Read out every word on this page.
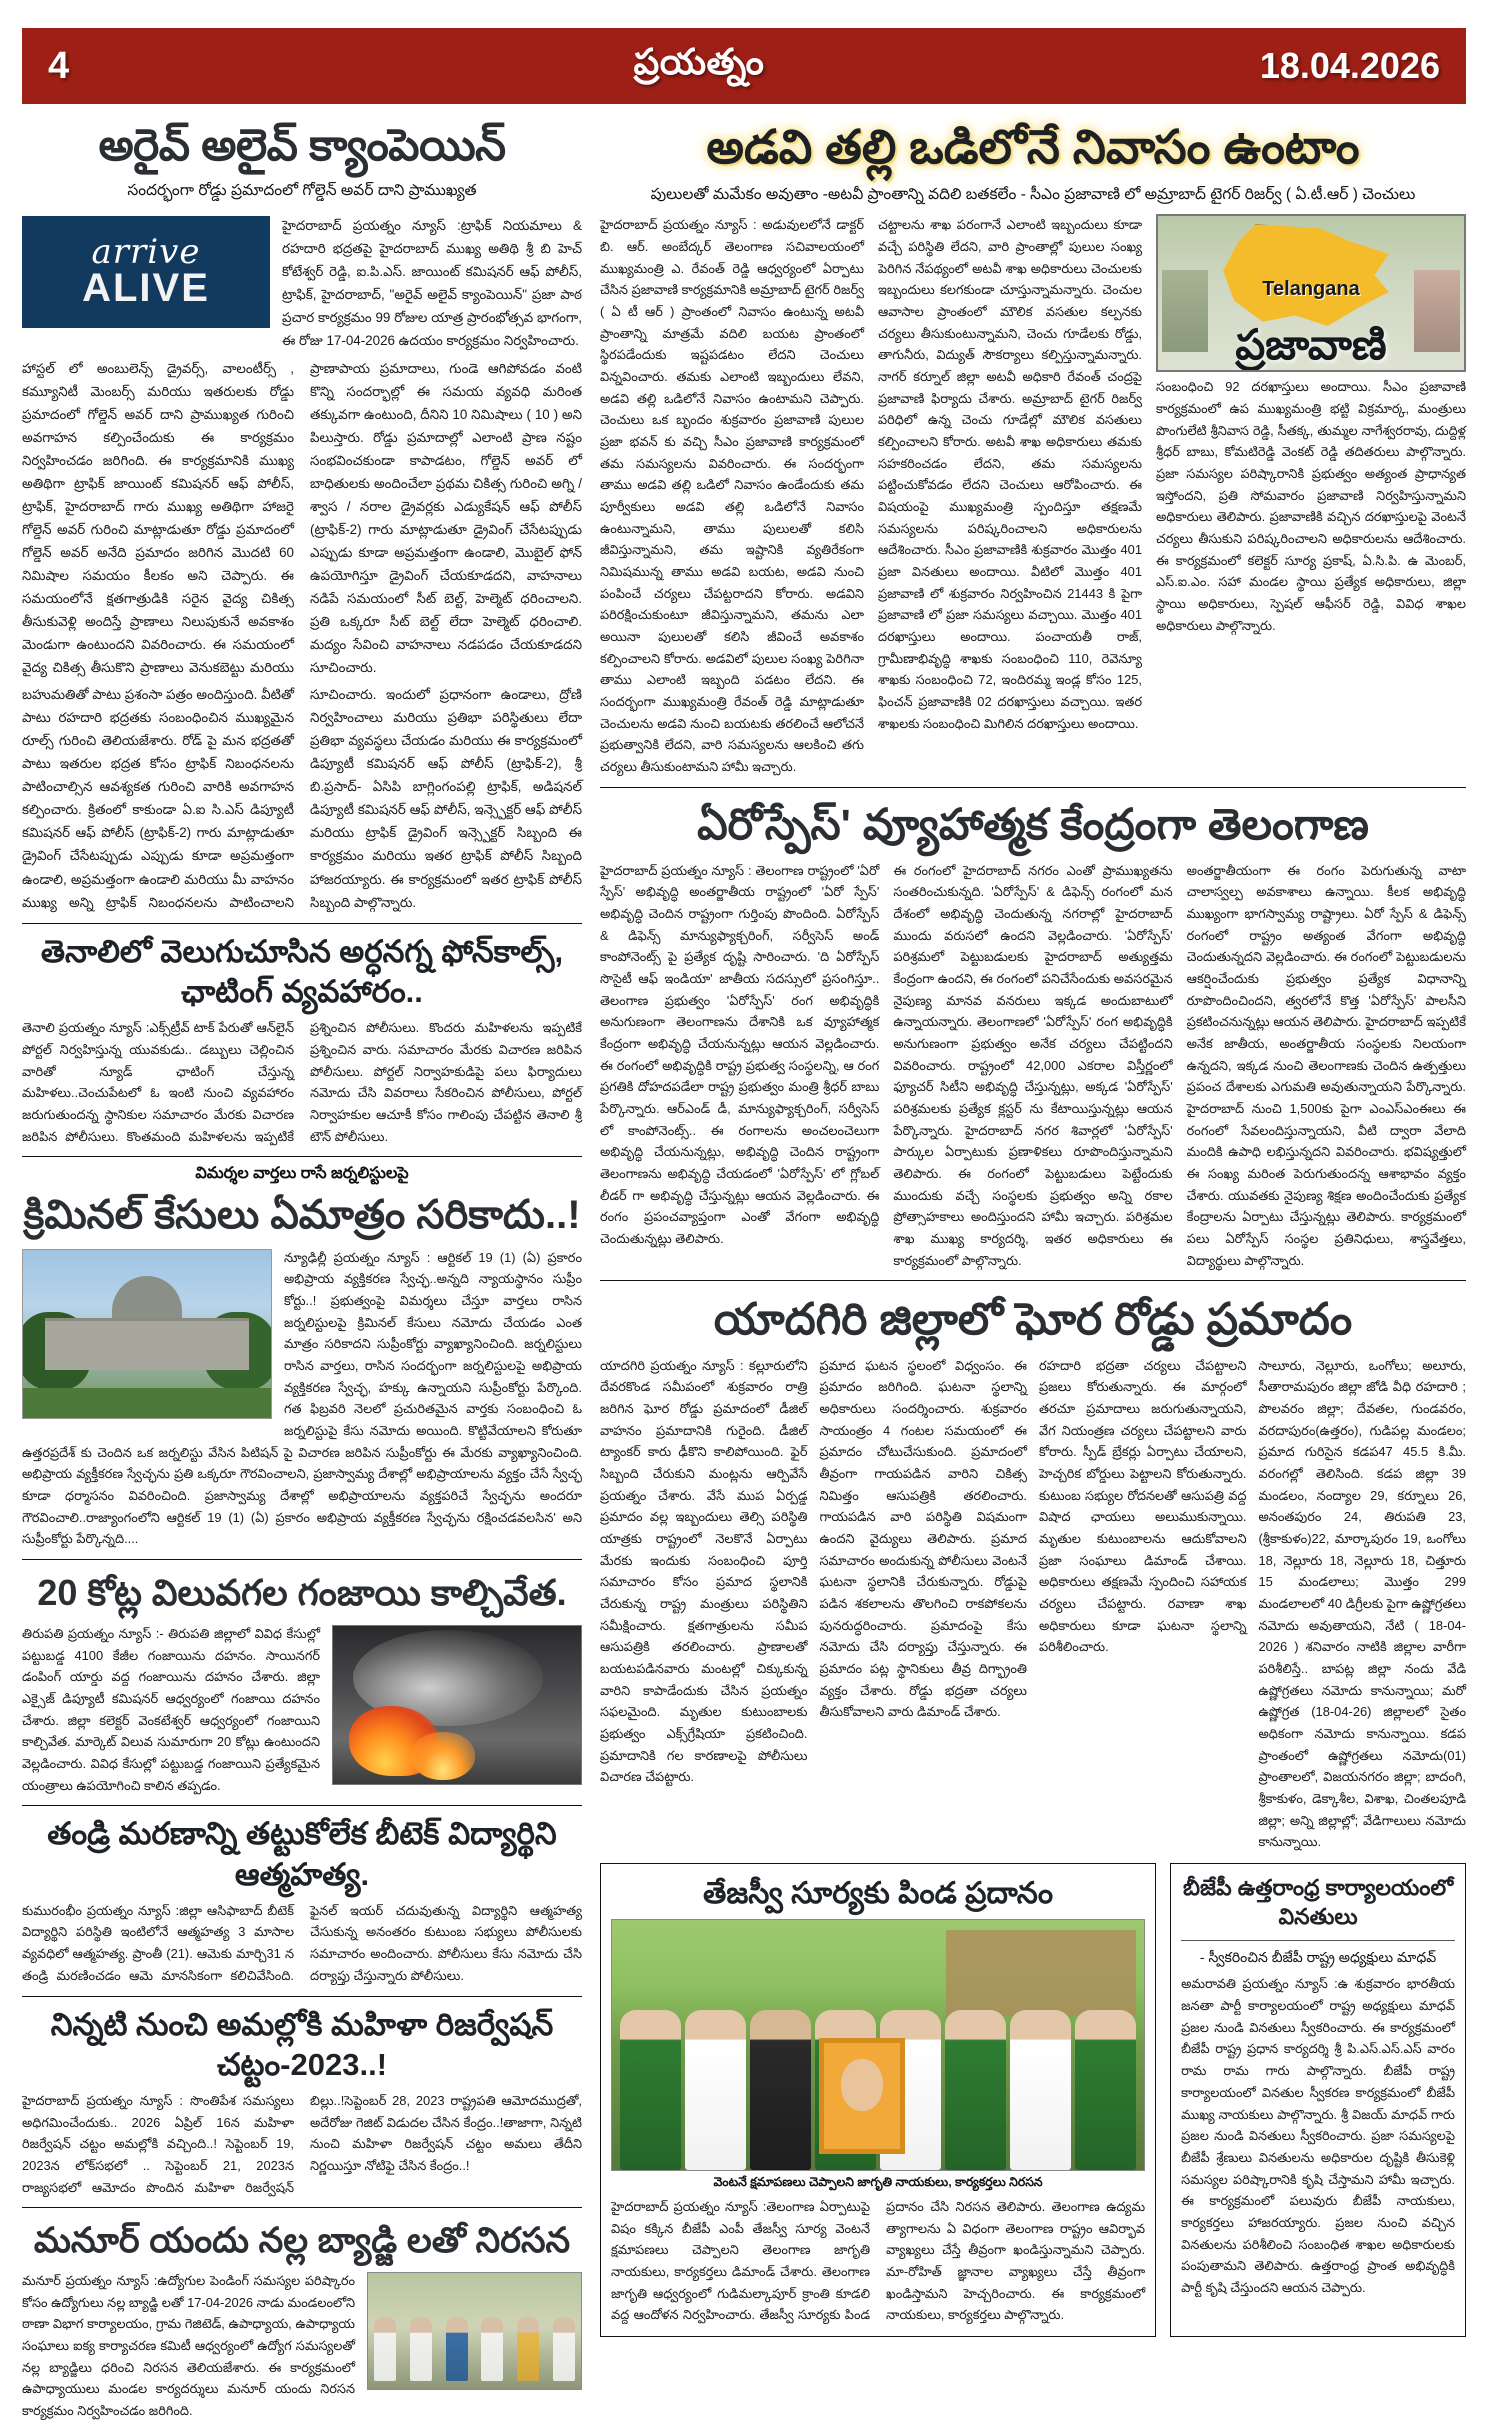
4	ప్రయత్నం	18.04.2026
అరైవ్ అలైవ్ క్యాంపెయిన్
సందర్భంగా రోడ్డు ప్రమాదంలో గోల్డెన్ అవర్ దాని ప్రాముఖ్యత
అడవి తల్లి ఒడిలోనే నివాసం ఉంటాం
పులులతో మమేకం అవుతాం -అటవీ ప్రాంతాన్ని వదిలి బతకలేం - సీఎం ప్రజావాణి లో అమ్రాబాద్ టైగర్ రిజర్వ్ ( ఏ.టీ.ఆర్ ) చెంచులు
arrive
ALIVE
హైదరాబాద్ ప్రయత్నం న్యూస్ :ట్రాఫిక్ నియమాలు & రహదారి భద్రతపై హైదరాబాద్ ముఖ్య అతిథి శ్రీ బి హెచ్ కోటేశ్వర్ రెడ్డి, ఐ.పి.ఎస్. జాయింట్ కమిషనర్ ఆఫ్ పోలీస్, ట్రాఫిక్, హైదరాబాద్, "అరైవ్ అలైవ్ క్యాంపెయిన్" ప్రజా పాఠ ప్రచార కార్యక్రమం 99 రోజుల యాత్ర ప్రారంభోత్సవ భాగంగా, ఈ రోజు 17-04-2026 ఉదయం కార్యక్రమం నిర్వహించారు.
హాస్టల్ లో అంబులెన్స్ డ్రైవర్స్, వాలంటీర్స్ , కమ్యూనిటీ మెంబర్స్ మరియు ఇతరులకు రోడ్డు ప్రమాదంలో గోల్డెన్ అవర్ దాని ప్రాముఖ్యత గురించి అవగాహన కల్పించేందుకు ఈ కార్యక్రమం నిర్వహించడం జరిగింది. ఈ కార్యక్రమానికి ముఖ్య అతిథిగా ట్రాఫిక్ జాయింట్ కమిషనర్ ఆఫ్ పోలీస్, ట్రాఫిక్, హైదరాబాద్ గారు ముఖ్య అతిథిగా హాజరై గోల్డెన్ అవర్ గురించి మాట్లాడుతూ రోడ్డు ప్రమాదంలో గోల్డెన్ అవర్ అనేది ప్రమాదం జరిగిన మొదటి 60 నిమిషాల సమయం కీలకం అని చెప్పారు. ఈ సమయంలోనే క్షతగాత్రుడికి సరైన వైద్య చికిత్స తీసుకువెళ్లి అందిస్తే ప్రాణాలు నిలుపుకునే అవకాశం మెండుగా ఉంటుందని వివరించారు. ఈ సమయంలో వైద్య చికిత్స తీసుకొని ప్రాణాలు వెనుకబెట్టు మరియు ప్రాణాపాయ ప్రమాదాలు, గుండె ఆగిపోవడం వంటి కొన్ని సందర్భాల్లో ఈ సమయ వ్యవధి మరింత తక్కువగా ఉంటుంది, దీనిని 10 నిమిషాలు ( 10 ) అని పిలుస్తారు. రోడ్డు ప్రమాదాల్లో ఎలాంటి ప్రాణ నష్టం సంభవించకుండా కాపాడటం, గోల్డెన్ అవర్ లో బాధితులకు అందించేలా ప్రథమ చికిత్స గురించి అగ్ని / శ్వాస / నరాల డ్రైవర్లకు ఎడ్యుకేషన్ ఆఫ్ పోలీస్ (ట్రాఫిక్-2) గారు మాట్లాడుతూ డ్రైవింగ్ చేసేటప్పుడు ఎప్పుడు కూడా అప్రమత్తంగా ఉండాలి, మొబైల్ ఫోన్ ఉపయోగిస్తూ డ్రైవింగ్ చేయకూడదని, వాహనాలు నడిపే సమయంలో సీట్ బెల్ట్, హెల్మెట్ ధరించాలని. ప్రతి ఒక్కరూ సీట్ బెల్ట్ లేదా హెల్మెట్ ధరించాలి. మద్యం సేవించి వాహనాలు నడపడం చేయకూడదని సూచించారు.
బహుమతితో పాటు ప్రశంసా పత్రం అందిస్తుంది. వీటితో పాటు రహదారి భద్రతకు సంబంధించిన ముఖ్యమైన రూల్స్ గురించి తెలియజేశారు. రోడ్ పై మన భద్రతతో పాటు ఇతరుల భద్రత కోసం ట్రాఫిక్ నిబంధనలను పాటించాల్సిన ఆవశ్యకత గురించి వారికి అవగాహన కల్పించారు. క్రితంలో కాకుండా ఏ.ఐ సి.ఎస్ డిప్యూటీ కమిషనర్ ఆఫ్ పోలీస్ (ట్రాఫిక్-2) గారు మాట్లాడుతూ డ్రైవింగ్ చేసేటప్పుడు ఎప్పుడు కూడా అప్రమత్తంగా ఉండాలి, అప్రమత్తంగా ఉండాలి మరియు మీ వాహనం ముఖ్య అన్ని ట్రాఫిక్ నిబంధనలను పాటించాలని సూచించారు. ఇందులో ప్రధానంగా ఉండాలు, ద్రోణి నిర్వహించాలు మరియు ప్రతిభా పరిస్థితులు లేదా ప్రతిభా వ్యవస్థలు చేయడం మరియు ఈ కార్యక్రమంలో డిప్యూటీ కమిషనర్ ఆఫ్ పోలీస్ (ట్రాఫిక్-2), శ్రీ బి.ప్రసాద్- ఏసిపి బాగ్లింగంపల్లి ట్రాఫిక్, అడిషనల్ డిప్యూటీ కమిషనర్ ఆఫ్ పోలీస్, ఇన్స్పెక్టర్ ఆఫ్ పోలీస్ మరియు ట్రాఫిక్ డ్రైవింగ్ ఇన్స్పెక్టర్ సిబ్బంది ఈ కార్యక్రమం మరియు ఇతర ట్రాఫిక్ పోలీస్ సిబ్బంది హాజరయ్యారు. ఈ కార్యక్రమంలో ఇతర ట్రాఫిక్ పోలీస్ సిబ్బంది పాల్గొన్నారు.
తెనాలిలో వెలుగుచూసిన అర్ధనగ్న ఫోన్‌కాల్స్, ఛాటింగ్ వ్యవహారం..
తెనాలి ప్రయత్నం న్యూస్ :ఎక్స్‌ట్రీవ్ టాక్ పేరుతో ఆన్‌లైన్ పోర్టల్ నిర్వహిస్తున్న యువకుడు.. డబ్బులు చెల్లించిన వారితో న్యూడ్ ఛాటింగ్ చేస్తున్న మహిళలు..చెంచుపేటలో ఓ ఇంటి నుంచి వ్యవహారం జరుగుతుందన్న స్థానికుల సమాచారం మేరకు విచారణ జరిపిన పోలీసులు. కొంతమంది మహిళలను ఇప్పటికే ప్రశ్నించిన పోలీసులు. కొందరు మహిళలను ఇప్పటికే ప్రశ్నించిన వారు. సమాచారం మేరకు విచారణ జరిపిన పోలీసులు. పోర్టల్ నిర్వాహకుడిపై పలు ఫిర్యాదులు నమోదు చేసి వివరాలు సేకరించిన పోలీసులు, పోర్టల్ నిర్వాహకుల ఆచూకీ కోసం గాలింపు చేపట్టిన తెనాలి శ్రీ టౌన్ పోలీసులు.
విమర్శల వార్తలు రాసే జర్నలిస్టులపై
క్రిమినల్ కేసులు ఏమాత్రం సరికాదు..!
న్యూఢిల్లీ ప్రయత్నం న్యూస్ : ఆర్టికల్ 19 (1) (ఏ) ప్రకారం అభిప్రాయ వ్యక్తికరణ స్వేచ్ఛ..అన్నది న్యాయస్థానం సుప్రీం కోర్టు..! ప్రభుత్వంపై విమర్శలు చేస్తూ వార్తలు రాసిన జర్నలిస్టులపై క్రిమినల్ కేసులు నమోదు చేయడం ఎంత మాత్రం సరికాదని సుప్రీంకోర్టు వ్యాఖ్యానించింది. జర్నలిస్టులు రాసిన వార్తలు, రాసిన సందర్భంగా జర్నలిస్టులపై అభిప్రాయ వ్యక్తికరణ స్వేచ్ఛ, హక్కు ఉన్నాయని సుప్రీంకోర్టు పేర్కొంది. గత ఫిబ్రవరి నెలలో ప్రచురితమైన వార్తకు సంబంధించి ఓ జర్నలిస్టుపై కేసు నమోదు అయింది. కొట్టివేయాలని కోరుతూ ఉత్తరప్రదేశ్ కు చెందిన ఒక జర్నలిస్టు వేసిన పిటిషన్ పై విచారణ జరిపిన సుప్రీంకోర్టు ఈ మేరకు వ్యాఖ్యానించింది. అభిప్రాయ వ్యక్తీకరణ స్వేచ్ఛను ప్రతి ఒక్కరూ గౌరవించాలని, ప్రజాస్వామ్య దేశాల్లో అభిప్రాయాలను వ్యక్తం చేసే స్వేచ్ఛ కూడా ధర్మాసనం వివరించింది. ప్రజాస్వామ్య దేశాల్లో అభిప్రాయాలను వ్యక్తపరిచే స్వేచ్ఛను అందరూ గౌరవించాలి..రాజ్యాంగంలోని ఆర్టికల్ 19 (1) (ఏ) ప్రకారం అభిప్రాయ వ్యక్తీకరణ స్వేచ్ఛను రక్షించడవలసిన' అని సుప్రీంకోర్టు పేర్కొన్నది....
20 కోట్ల విలువగల గంజాయి కాల్చివేత.
తిరుపతి ప్రయత్నం న్యూస్ :- తిరుపతి జిల్లాలో వివిధ కేసుల్లో పట్టుబడ్డ 4100 కేజీల గంజాయిను దహనం. సాయినగర్ డంపింగ్ యార్డు వద్ద గంజాయిను దహనం చేశారు. జిల్లా ఎక్సైజ్ డిప్యూటీ కమిషనర్ ఆధ్వర్యంలో గంజాయి దహనం చేశారు. జిల్లా కలెక్టర్ వెంకటేశ్వర్ ఆధ్వర్యంలో గంజాయిని కాల్చివేత. మార్కెట్ విలువ సుమారుగా 20 కోట్లు ఉంటుందని వెల్లడించారు. వివిధ కేసుల్లో పట్టుబడ్డ గంజాయిని ప్రత్యేకమైన యంత్రాలు ఉపయోగించి కాలిన తప్పడం.
తండ్రి మరణాన్ని తట్టుకోలేక బీటెక్ విద్యార్థిని ఆత్మహత్య.
కుమురంభీం ప్రయత్నం న్యూస్ :జిల్లా ఆసిఫాబాద్ బీటెక్ విద్యార్థిని పరిస్థితి ఇంటిలోనే ఆత్మహత్య 3 మాసాల వ్యవధిలో ఆత్మహత్య. ప్రాంతీ (21). ఆమెకు మార్చి31 న తండ్రి మరణించడం ఆమె మానసికంగా కలిచివేసింది. ఫైనల్ ఇయర్ చదువుతున్న విద్యార్థిని ఆత్మహత్య చేసుకున్న అనంతరం కుటుంబ సభ్యులు పోలీసులకు సమాచారం అందించారు. పోలీసులు కేసు నమోదు చేసి దర్యాప్తు చేస్తున్నారు పోలీసులు.
నిన్నటి నుంచి అమల్లోకి మహిళా రిజర్వేషన్ చట్టం-2023..!
హైదరాబాద్ ప్రయత్నం న్యూస్ : సొంతిపేశ సమస్యలు అధిగమించేందుకు.. 2026 ఏప్రిల్ 16న మహిళా రిజర్వేషన్ చట్టం అమల్లోకి వచ్చింది..! సెప్టెంబర్ 19, 2023న లోక్‌సభలో .. సెప్టెంబర్ 21, 2023న రాజ్యసభలో ఆమోదం పొందిన మహిళా రిజర్వేషన్ బిల్లు..!సెప్టెంబర్ 28, 2023 రాష్ట్రపతి ఆమోదముద్రతో, అదేరోజు గెజిట్ విడుదల చేసిన కేంద్రం..!తాజాగా, నిన్నటి నుంచి మహిళా రిజర్వేషన్ చట్టం అమలు తేదీని నిర్ణయిస్తూ నోటిఫై చేసిన కేంద్రం..!
మనూర్ యందు నల్ల బ్యాడ్జి లతో నిరసన
మనూర్ ప్రయత్నం న్యూస్ :ఉద్యోగుల పెండింగ్ సమస్యల పరిష్కారం కోసం ఉద్యోగులు నల్ల బ్యాడ్జి లతో 17-04-2026 నాడు మండలంలోని ఠాణా విభాగ కార్యాలయం, గ్రామ గెజిటెడ్, ఉపాధ్యాయ, ఉపాధ్యాయ సంఘాలు ఐక్య కార్యాచరణ కమిటీ ఆధ్వర్యంలో ఉద్యోగ సమస్యలతో నల్ల బ్యాడ్జిలు ధరించి నిరసన తెలియజేశారు. ఈ కార్యక్రమంలో ఉపాధ్యాయులు మండల కార్యదర్శులు మనూర్ యందు నిరసన కార్యక్రమం నిర్వహించడం జరిగింది.
హైదరాబాద్ ప్రయత్నం న్యూస్ : అడువులలోనే డాక్టర్ బి. ఆర్. అంబేద్కర్ తెలంగాణ సచివాలయంలో ముఖ్యమంత్రి ఎ. రేవంత్ రెడ్డి ఆధ్వర్యంలో ఏర్పాటు చేసిన ప్రజావాణి కార్యక్రమానికి అమ్రాబాద్ టైగర్ రిజర్వ్ ( ఏ టీ ఆర్ ) ప్రాంతంలో నివాసం ఉంటున్న అటవీ ప్రాంతాన్ని మాత్రమే వదిలి బయట ప్రాంతంలో స్థిరపడేందుకు ఇష్టపడటం లేదని చెంచులు విన్నవించారు. తమకు ఎలాంటి ఇబ్బందులు లేవని, అడవి తల్లి ఒడిలోనే నివాసం ఉంటామని చెప్పారు. చెంచులు ఒక బృందం శుక్రవారం ప్రజావాణి పులుల ప్రజా భవన్ కు వచ్చి సీఎం ప్రజావాణి కార్యక్రమంలో తమ సమస్యలను వివరించారు. ఈ సందర్భంగా తాము అడవి తల్లి ఒడిలో నివాసం ఉండేందుకు తమ పూర్వీకులు అడవి తల్లి ఒడిలోనే నివాసం ఉంటున్నామని, తాము పులులతో కలిసి జీవిస్తున్నామని, తమ ఇష్టానికి వ్యతిరేకంగా నిమిషమున్న తాము అడవి బయట, అడవి నుంచి పంపించే చర్యలు చేపట్టరాదని కోరారు. అడవిని పరిరక్షించుకుంటూ జీవిస్తున్నామని, తమను ఎలా అయినా పులులతో కలిసి జీవించే అవకాశం కల్పించాలని కోరారు. అడవిలో పులుల సంఖ్య పెరిగినా తాము ఎలాంటి ఇబ్బంది పడటం లేదని. ఈ సందర్భంగా ముఖ్యమంత్రి రేవంత్ రెడ్డి మాట్లాడుతూ చెంచులను అడవి నుంచి బయటకు తరలించే ఆలోచనే ప్రభుత్వానికి లేదని, వారి సమస్యలను ఆలకించి తగు చర్యలు తీసుకుంటామని హామీ ఇచ్చారు.
చట్టాలను శాఖ పరంగానే ఎలాంటి ఇబ్బందులు కూడా వచ్చే పరిస్థితి లేదని, వారి ప్రాంతాల్లో పులుల సంఖ్య పెరిగిన నేపథ్యంలో అటవీ శాఖ అధికారులు చెంచులకు ఇబ్బందులు కలగకుండా చూస్తున్నామన్నారు. చెంచుల ఆవాసాల ప్రాంతంలో మౌలిక వసతుల కల్పనకు చర్యలు తీసుకుంటున్నామని, చెంచు గూడేలకు రోడ్డు, తాగునీరు, విద్యుత్ సౌకర్యాలు కల్పిస్తున్నామన్నారు. నాగర్ కర్నూల్ జిల్లా అటవీ అధికారి రేవంత్ చంద్రపై ప్రజావాణి ఫిర్యాదు చేశారు. అమ్రాబాద్ టైగర్ రిజర్వ్ పరిధిలో ఉన్న చెంచు గూడేల్లో మౌలిక వసతులు కల్పించాలని కోరారు. అటవీ శాఖ అధికారులు తమకు సహకరించడం లేదని, తమ సమస్యలను పట్టించుకోవడం లేదని చెంచులు ఆరోపించారు. ఈ విషయంపై ముఖ్యమంత్రి స్పందిస్తూ తక్షణమే సమస్యలను పరిష్కరించాలని అధికారులను ఆదేశించారు. సీఎం ప్రజావాణికి శుక్రవారం మొత్తం 401 ప్రజా వినతులు అందాయి. వీటిలో మొత్తం 401 ప్రజావాణి లో శుక్రవారం నిర్వహించిన 21443 కి పైగా ప్రజావాణి లో ప్రజా సమస్యలు వచ్చాయి. మొత్తం 401 దరఖాస్తులు అందాయి. పంచాయతీ రాజ్, గ్రామీణాభివృద్ధి శాఖకు సంబంధించి 110, రెవెన్యూ శాఖకు సంబంధించి 72, ఇందిరమ్మ ఇండ్ల కోసం 125, ఫించన్ ప్రజావాణికి 02 దరఖాస్తులు వచ్చాయి. ఇతర శాఖలకు సంబంధించి మిగిలిన దరఖాస్తులు అందాయి.
Telangana
ప్రజావాణి
సంబంధించి 92 దరఖాస్తులు అందాయి. సీఎం ప్రజావాణి కార్యక్రమంలో ఉప ముఖ్యమంత్రి భట్టి విక్రమార్క, మంత్రులు పొంగులేటి శ్రీనివాస రెడ్డి, సీతక్క, తుమ్మల నాగేశ్వరరావు, దుద్దిళ్ల శ్రీధర్ బాబు, కోమటిరెడ్డి వెంకట్ రెడ్డి తదితరులు పాల్గొన్నారు. ప్రజా సమస్యల పరిష్కారానికి ప్రభుత్వం అత్యంత ప్రాధాన్యత ఇస్తోందని, ప్రతి సోమవారం ప్రజావాణి నిర్వహిస్తున్నామని అధికారులు తెలిపారు. ప్రజావాణికి వచ్చిన దరఖాస్తులపై వెంటనే చర్యలు తీసుకుని పరిష్కరించాలని అధికారులను ఆదేశించారు. ఈ కార్యక్రమంలో కలెక్టర్ సూర్య ప్రకాష్, ఏ.సి.పి. ఉ మెంబర్, ఎస్.ఐ.ఎం. సహా మండల స్థాయి ప్రత్యేక అధికారులు, జిల్లా స్థాయి అధికారులు, స్పెషల్ ఆఫీసర్ రెడ్డి, వివిధ శాఖల అధికారులు పాల్గొన్నారు.
ఏరోస్పేస్' వ్యూహాత్మక కేంద్రంగా తెలంగాణ
హైదరాబాద్ ప్రయత్నం న్యూస్ : తెలంగాణ రాష్ట్రంలో 'ఏరో స్పేస్' అభివృద్ధి అంతర్జాతీయ రాష్ట్రంలో 'ఏరో స్పేస్' అభివృద్ధి చెందిన రాష్ట్రంగా గుర్తింపు పొందింది. ఏరోస్పేస్ & డిఫెన్స్ మాన్యుఫ్యాక్చరింగ్, సర్వీసెస్ అండ్ కాంపోనెంట్స్ పై ప్రత్యేక దృష్టి సారించారు. 'ది ఏరోస్పేస్ సొసైటీ ఆఫ్ ఇండియా' జాతీయ సదస్సులో ప్రసంగిస్తూ.. తెలంగాణ ప్రభుత్వం 'ఏరోస్పేస్' రంగ అభివృద్ధికి అనుగుణంగా తెలంగాణను దేశానికి ఒక వ్యూహాత్మక కేంద్రంగా అభివృద్ధి చేయనున్నట్లు ఆయన వెల్లడించారు. ఈ రంగంలో అభివృద్ధికి రాష్ట్ర ప్రభుత్వ సంస్థలన్ని, ఆ రంగ ప్రగతికి దోహదపడేలా రాష్ట్ర ప్రభుత్వం మంత్రి శ్రీధర్ బాబు పేర్కొన్నారు. ఆర్‌ఎండ్ డీ, మాన్యుఫ్యాక్చరింగ్, సర్వీసెస్ లో కాంపోనెంట్స్.. ఈ రంగాలను అంచలంచెలుగా అభివృద్ధి చేయనున్నట్లు, అభివృద్ధి చెందిన రాష్ట్రంగా తెలంగాణను అభివృద్ధి చేయడంలో 'ఏరోస్పేస్' లో గ్లోబల్ లీడర్ గా అభివృద్ధి చేస్తున్నట్లు ఆయన వెల్లడించారు. ఈ రంగం ప్రపంచవ్యాప్తంగా ఎంతో వేగంగా అభివృద్ధి చెందుతున్నట్లు తెలిపారు.
ఈ రంగంలో హైదరాబాద్ నగరం ఎంతో ప్రాముఖ్యతను సంతరించుకున్నది. 'ఏరోస్పేస్' & డిఫెన్స్ రంగంలో మన దేశంలో అభివృద్ధి చెందుతున్న నగరాల్లో హైదరాబాద్ ముందు వరుసలో ఉందని వెల్లడించారు. 'ఏరోస్పేస్' పరిశ్రమలో పెట్టుబడులకు హైదరాబాద్ అత్యుత్తమ కేంద్రంగా ఉందని, ఈ రంగంలో పనిచేసేందుకు అవసరమైన నైపుణ్య మానవ వనరులు ఇక్కడ అందుబాటులో ఉన్నాయన్నారు. తెలంగాణలో 'ఏరోస్పేస్' రంగ అభివృద్ధికి అనుగుణంగా ప్రభుత్వం అనేక చర్యలు చేపట్టిందని వివరించారు. రాష్ట్రంలో 42,000 ఎకరాల విస్తీర్ణంలో ఫ్యూచర్ సిటీని అభివృద్ధి చేస్తున్నట్లు, అక్కడ 'ఏరోస్పేస్' పరిశ్రమలకు ప్రత్యేక క్లస్టర్ ను కేటాయిస్తున్నట్లు ఆయన పేర్కొన్నారు. హైదరాబాద్ నగర శివార్లలో 'ఏరోస్పేస్' పార్కుల ఏర్పాటుకు ప్రణాళికలు రూపొందిస్తున్నామని తెలిపారు. ఈ రంగంలో పెట్టుబడులు పెట్టేందుకు ముందుకు వచ్చే సంస్థలకు ప్రభుత్వం అన్ని రకాల ప్రోత్సాహకాలు అందిస్తుందని హామీ ఇచ్చారు. పరిశ్రమల శాఖ ముఖ్య కార్యదర్శి, ఇతర అధికారులు ఈ కార్యక్రమంలో పాల్గొన్నారు.
అంతర్జాతీయంగా ఈ రంగం పెరుగుతున్న వాటా చాలాస్వల్ప అవకాశాలు ఉన్నాయి. కీలక అభివృద్ధి ముఖ్యంగా భాగస్వామ్య రాష్ట్రాలు. ఏరో స్పేస్ & డిఫెన్స్ రంగంలో రాష్ట్రం అత్యంత వేగంగా అభివృద్ధి చెందుతున్నదని వెల్లడించారు. ఈ రంగంలో పెట్టుబడులను ఆకర్షించేందుకు ప్రభుత్వం ప్రత్యేక విధానాన్ని రూపొందించిందని, త్వరలోనే కొత్త 'ఏరోస్పేస్' పాలసీని ప్రకటించనున్నట్లు ఆయన తెలిపారు. హైదరాబాద్ ఇప్పటికే అనేక జాతీయ, అంతర్జాతీయ సంస్థలకు నిలయంగా ఉన్నదని, ఇక్కడ నుంచి తెలంగాణకు చెందిన ఉత్పత్తులు ప్రపంచ దేశాలకు ఎగుమతి అవుతున్నాయని పేర్కొన్నారు. హైదరాబాద్ నుంచి 1,500కు పైగా ఎంఎస్ఎంఈలు ఈ రంగంలో సేవలందిస్తున్నాయని, వీటి ద్వారా వేలాది మందికి ఉపాధి లభిస్తున్నదని వివరించారు. భవిష్యత్తులో ఈ సంఖ్య మరింత పెరుగుతుందన్న ఆశాభావం వ్యక్తం చేశారు. యువతకు నైపుణ్య శిక్షణ అందించేందుకు ప్రత్యేక కేంద్రాలను ఏర్పాటు చేస్తున్నట్లు తెలిపారు. కార్యక్రమంలో పలు ఏరోస్పేస్ సంస్థల ప్రతినిధులు, శాస్త్రవేత్తలు, విద్యార్థులు పాల్గొన్నారు.
యాదగిరి జిల్లాలో ఘోర రోడ్డు ప్రమాదం
యాదగిరి ప్రయత్నం న్యూస్ : కల్లూరులోని దేవరకొండ సమీపంలో శుక్రవారం రాత్రి జరిగిన ఘోర రోడ్డు ప్రమాదంలో డీజిల్ వాహనం ప్రమాదానికి గురైంది. డీజిల్ ట్యాంకర్ కారు ఢీకొని కాలిపోయింది. ఫైర్ సిబ్బంది చేరుకుని మంట్లను ఆర్పివేసే ప్రయత్నం చేశారు. వేసే ముప ఏర్పడ్డ ప్రమాదం వల్ల ఇబ్బందులు తెల్సి పరిస్థితి యాత్రకు రాష్ట్రంలో నెలకొనే ఏర్పాటు మేరకు ఇందుకు సంబంధించి పూర్తి సమాచారం కోసం ప్రమాద స్థలానికి చేరుకున్న రాష్ట్ర మంత్రులు పరిస్థితిని సమీక్షించారు. క్షతగాత్రులను సమీప ఆసుపత్రికి తరలించారు. ప్రాణాలతో బయటపడినవారు మంటల్లో చిక్కుకున్న వారిని కాపాడేందుకు చేసిన ప్రయత్నం సఫలమైంది. మృతుల కుటుంబాలకు ప్రభుత్వం ఎక్స్‌గ్రేషియా ప్రకటించింది. ప్రమాదానికి గల కారణాలపై పోలీసులు విచారణ చేపట్టారు.
ప్రమాద ఘటన స్థలంలో విధ్వంసం. ఈ ప్రమాదం జరిగింది. ఘటనా స్థలాన్ని అధికారులు సందర్శించారు. శుక్రవారం సాయంత్రం 4 గంటల సమయంలో ఈ ప్రమాదం చోటుచేసుకుంది. ప్రమాదంలో తీవ్రంగా గాయపడిన వారిని చికిత్స నిమిత్తం ఆసుపత్రికి తరలించారు. గాయపడిన వారి పరిస్థితి విషమంగా ఉందని వైద్యులు తెలిపారు. ప్రమాద సమాచారం అందుకున్న పోలీసులు వెంటనే ఘటనా స్థలానికి చేరుకున్నారు. రోడ్డుపై పడిన శకలాలను తొలగించి రాకపోకలను పునరుద్ధరించారు. ప్రమాదంపై కేసు నమోదు చేసి దర్యాప్తు చేస్తున్నారు. ఈ ప్రమాదం పట్ల స్థానికులు తీవ్ర దిగ్భ్రాంతి వ్యక్తం చేశారు. రోడ్డు భద్రతా చర్యలు తీసుకోవాలని వారు డిమాండ్ చేశారు.
రహదారి భద్రతా చర్యలు చేపట్టాలని ప్రజలు కోరుతున్నారు. ఈ మార్గంలో తరచూ ప్రమాదాలు జరుగుతున్నాయని, వేగ నియంత్రణ చర్యలు చేపట్టాలని వారు కోరారు. స్పీడ్ బ్రేకర్లు ఏర్పాటు చేయాలని, హెచ్చరిక బోర్డులు పెట్టాలని కోరుతున్నారు. కుటుంబ సభ్యుల రోదనలతో ఆసుపత్రి వద్ద విషాద ఛాయలు అలుముకున్నాయి. మృతుల కుటుంబాలను ఆదుకోవాలని ప్రజా సంఘాలు డిమాండ్ చేశాయి. అధికారులు తక్షణమే స్పందించి సహాయక చర్యలు చేపట్టారు. రవాణా శాఖ అధికారులు కూడా ఘటనా స్థలాన్ని పరిశీలించారు.
సాలూరు, నెల్లూరు, ఒంగోలు; అలూరు, సీతారామపురం జిల్లా జోడి వీధి రహదారి ; పొలవరం జిల్లా; దేవతల, గుండవరం, వరదాపురం(ఉత్తరం), గుడిపల్ల మండలం; ప్రమాద గురిసైన కడప47 45.5 కి.మీ. వరంగల్లో తెలిసింది. కడప జిల్లా 39 మండలం, నంద్యాల 29, కర్నూలు 26, అనంతపురం 24, తిరుపతి 23, (శ్రీకాకుళం)22, మార్కాపురం 19, ఒంగోలు 18, నెల్లూరు 18, నెల్లూరు 18, చిత్తూరు 15 మండలాలు; మొత్తం 299 మండలాలలో 40 డిగ్రీలకు పైగా ఉష్ణోగ్రతలు నమోదు అవుతాయని, నేటి ( 18-04-2026 ) శనివారం నాటికి జిల్లాల వారీగా పరిశీలిస్తే.. బాపట్ల జిల్లా నందు వేడి ఉష్ణోగ్రతలు నమోదు కానున్నాయి; మరో ఉష్ణోగ్రత (18-04-26) జిల్లాలలో సైతం అధికంగా నమోదు కానున్నాయి. కడప ప్రాంతంలో ఉష్ణోగ్రతలు నమోదు(01) ప్రాంతాలలో, విజయనగరం జిల్లా; బాదంగి, శ్రీకాకుళం, డెక్కాశీల, విశాఖ, చింతలపూడి జిల్లా; అన్ని జిల్లాల్లో; వేడిగాలులు నమోదు కానున్నాయి.
తేజస్వీ సూర్యకు పిండ ప్రదానం
వెంటనే క్షమాపణలు చెప్పాలని జాగృతి నాయకులు, కార్యకర్తలు నిరసన
హైదరాబాద్ ప్రయత్నం న్యూస్ :తెలంగాణ ఏర్పాటుపై విషం కక్కిన బీజేపీ ఎంపీ తేజస్వీ సూర్య వెంటనే క్షమాపణలు చెప్పాలని తెలంగాణ జాగృతి నాయకులు, కార్యకర్తలు డిమాండ్ చేశారు. తెలంగాణ జాగృతి ఆధ్వర్యంలో గుడిమల్కాపూర్ క్రాంతి కూడలి వద్ద ఆందోళన నిర్వహించారు. తేజస్వీ సూర్యకు పిండ ప్రదానం చేసి నిరసన తెలిపారు. తెలంగాణ ఉద్యమ త్యాగాలను ఏ విధంగా తెలంగాణ రాష్ట్రం ఆవిర్భావ వ్యాఖ్యలు చేస్తే తీవ్రంగా ఖండిస్తున్నామని చెప్పారు. మా-రోహిత్ జ్ఞానాల వ్యాఖ్యలు చేస్తే తీవ్రంగా ఖండిస్తామని హెచ్చరించారు. ఈ కార్యక్రమంలో నాయకులు, కార్యకర్తలు పాల్గొన్నారు.
బీజేపీ ఉత్తరాంధ్ర కార్యాలయంలో వినతులు
- స్వీకరించిన బీజేపీ రాష్ట్ర అధ్యక్షులు మాధవ్
అమరావతి ప్రయత్నం న్యూస్ :ఉ శుక్రవారం భారతీయ జనతా పార్టీ కార్యాలయంలో రాష్ట్ర అధ్యక్షులు మాధవ్ ప్రజల నుండి వినతులు స్వీకరించారు. ఈ కార్యక్రమంలో బీజేపీ రాష్ట్ర ప్రధాన కార్యదర్శి శ్రీ పి.ఎస్.ఎస్.ఎస్ వారం రామ రామ గారు పాల్గొన్నారు. బీజేపీ రాష్ట్ర కార్యాలయంలో వినతుల స్వీకరణ కార్యక్రమంలో బీజేపీ ముఖ్య నాయకులు పాల్గొన్నారు. శ్రీ విజయ్ మాధవ్ గారు ప్రజల నుండి వినతులు స్వీకరించారు. ప్రజా సమస్యలపై బీజేపీ శ్రేణులు వినతులను అధికారుల దృష్టికి తీసుకెళ్లి సమస్యల పరిష్కారానికి కృషి చేస్తామని హామీ ఇచ్చారు. ఈ కార్యక్రమంలో పలువురు బీజేపీ నాయకులు, కార్యకర్తలు హాజరయ్యారు. ప్రజల నుంచి వచ్చిన వినతులను పరిశీలించి సంబంధిత శాఖల అధికారులకు పంపుతామని తెలిపారు. ఉత్తరాంధ్ర ప్రాంత అభివృద్ధికి పార్టీ కృషి చేస్తుందని ఆయన చెప్పారు.
